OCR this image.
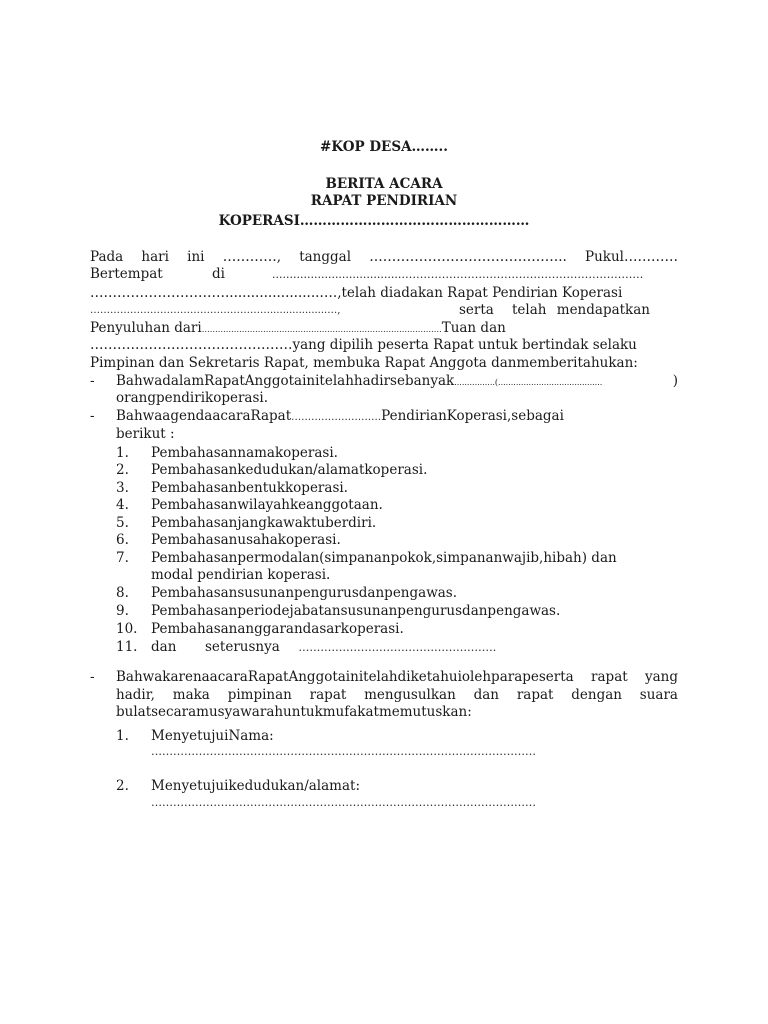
#KOP DESA……..
BERITA ACARA
RAPAT PENDIRIAN
KOPERASI……………………………………………
Pada hari ini …………, tanggal …………………………………….. Pukul…………
Bertempat	di	.....................................…………………………………………………………
…………………………......................….,telah diadakan Rapat Pendirian Koperasi
………………………………………………..................…,	serta telah mendapatkan
Penyuluhan dari………………………………………………………………………………Tuan dan
………………………………………yang dipilih peserta Rapat untuk bertindak selaku
Pimpinan dan Sekretaris Rapat, membuka Rapat Anggota danmemberitahukan:
- BahwadalamRapatAnggotainitelahhadirsebanyak................(.........................................	)
orangpendirikoperasi.
- BahwaagendaacaraRapat………………………PendirianKoperasi,sebagai
berikut :
1. Pembahasannamakoperasi.
2. Pembahasankedudukan/alamatkoperasi.
3. Pembahasanbentukkoperasi.
4. Pembahasanwilayahkeanggotaan.
5. Pembahasanjangkawaktuberdiri.
6. Pembahasanusahakoperasi.
7. Pembahasanpermodalan(simpananpokok,simpananwajib,hibah) dan
modal pendirian koperasi.
8. Pembahasansusunanpengurusdanpengawas.
9. Pembahasanperiodejabatansusunanpengurusdanpengawas.
10. Pembahasananggarandasarkoperasi.
11. dan seterusnya ………………………………………………
- BahwakarenaacaraRapatAnggotainitelahdiketahuiolehparapeserta rapat yang
hadir, maka pimpinan rapat mengusulkan dan rapat dengan suara
bulatsecaramusyawarahuntukmufakatmemutuskan:
1. MenyetujuiNama:
……………………………………………………………………………………………
2. Menyetujuikedudukan/alamat:
……………………………………………………………………………………………
